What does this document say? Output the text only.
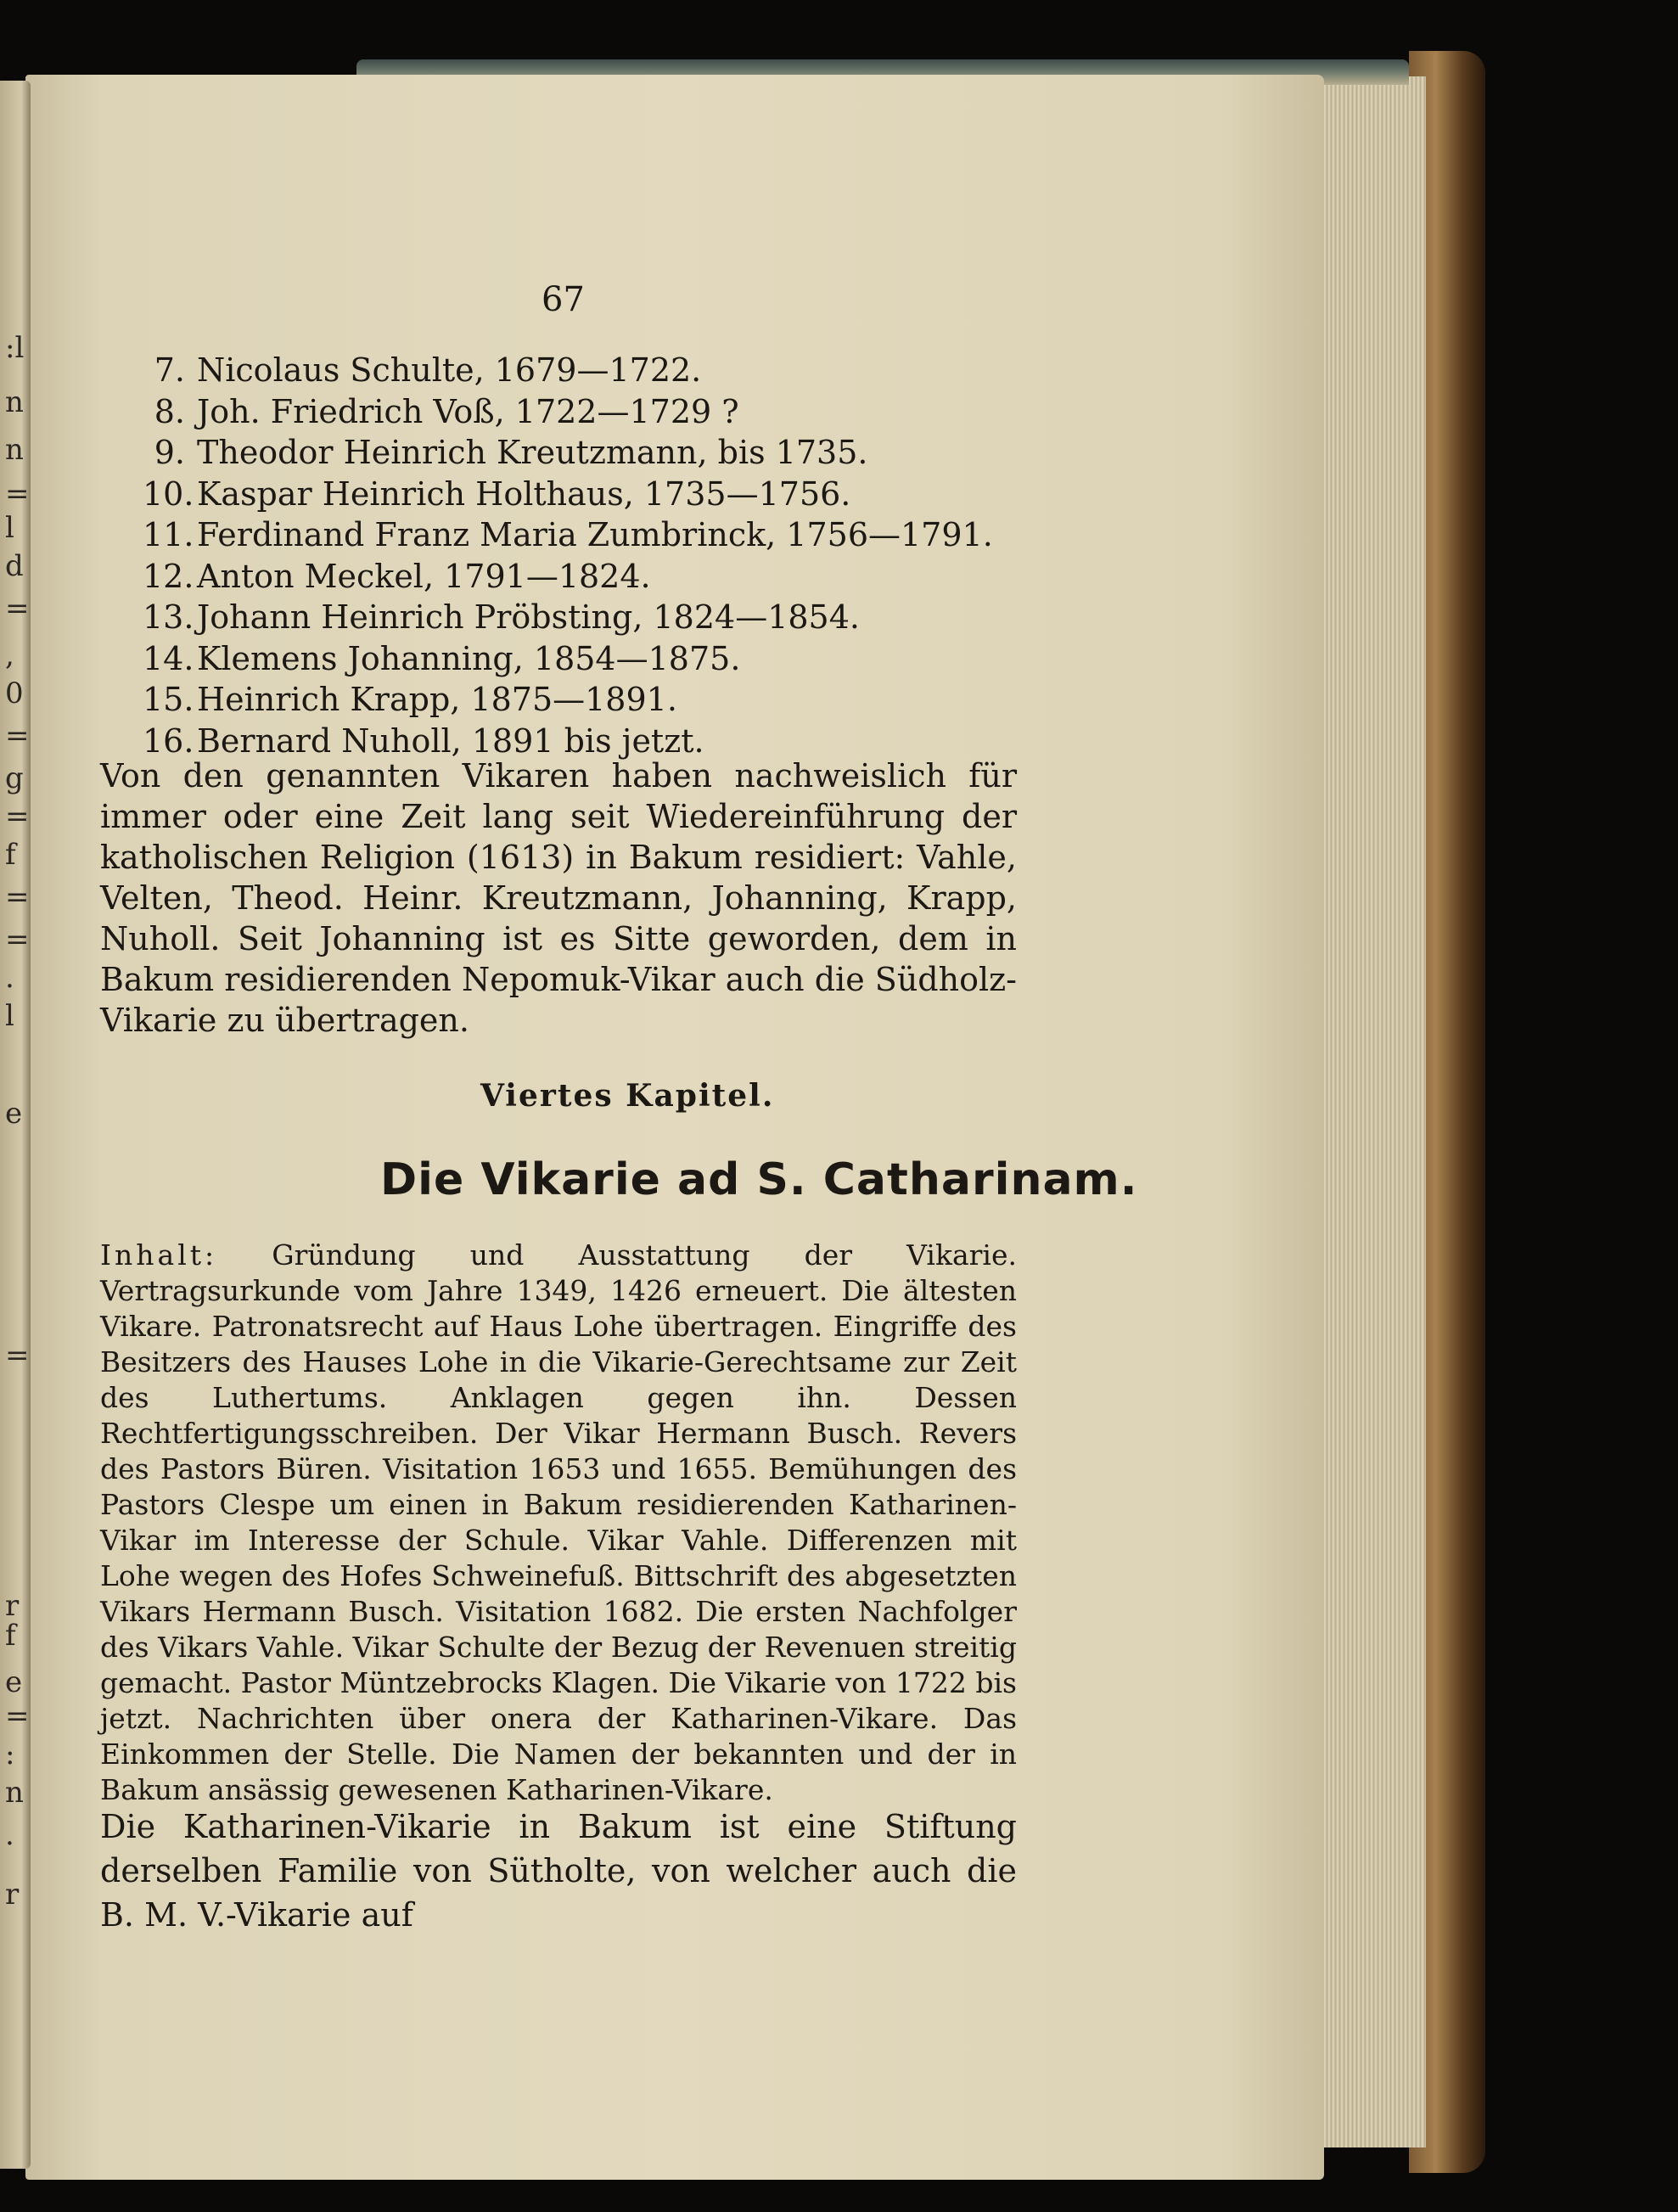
:l
n
n
=
l
d
=
,
0
=
g
=
f
=
=
.
l
e
=
r
f
e
=
:
n
.
r
67
7. Nicolaus Schulte, 1679—1722.
8. Joh. Friedrich Voß, 1722—1729 ?
9. Theodor Heinrich Kreutzmann, bis 1735.
10.Kaspar Heinrich Holthaus, 1735—1756.
11.Ferdinand Franz Maria Zumbrinck, 1756—1791.
12.Anton Meckel, 1791—1824.
13.Johann Heinrich Pröbsting, 1824—1854.
14.Klemens Johanning, 1854—1875.
15.Heinrich Krapp, 1875—1891.
16.Bernard Nuholl, 1891 bis jetzt.

Von den genannten Vikaren haben nachweislich für immer oder eine Zeit lang seit Wiedereinführung der katholischen Religion (1613) in Bakum residiert: Vahle, Velten, Theod. Heinr. Kreutzmann, Johanning, Krapp, Nuholl. Seit Johanning ist es Sitte geworden, dem in Bakum residierenden Nepomuk-Vikar auch die Südholz-Vikarie zu übertragen.

Viertes Kapitel.
Die Vikarie ad S. Catharinam.

Inhalt: Gründung und Ausstattung der Vikarie. Vertragsurkunde vom Jahre 1349, 1426 erneuert. Die ältesten Vikare. Patronatsrecht auf Haus Lohe übertragen. Eingriffe des Besitzers des Hauses Lohe in die Vikarie-Gerechtsame zur Zeit des Luthertums. Anklagen gegen ihn. Dessen Rechtfertigungsschreiben. Der Vikar Hermann Busch. Revers des Pastors Büren. Visitation 1653 und 1655. Bemühungen des Pastors Clespe um einen in Bakum residierenden Katharinen-Vikar im Interesse der Schule. Vikar Vahle. Differenzen mit Lohe wegen des Hofes Schweinefuß. Bittschrift des abgesetzten Vikars Hermann Busch. Visitation 1682. Die ersten Nachfolger des Vikars Vahle. Vikar Schulte der Bezug der Revenuen streitig gemacht. Pastor Müntzebrocks Klagen. Die Vikarie von 1722 bis jetzt. Nachrichten über onera der Katharinen-Vikare. Das Einkommen der Stelle. Die Namen der bekannten und der in Bakum ansässig gewesenen Katharinen-Vikare.

Die Katharinen-Vikarie in Bakum ist eine Stiftung derselben Familie von Sütholte, von welcher auch die B. M. V.-Vikarie auf
